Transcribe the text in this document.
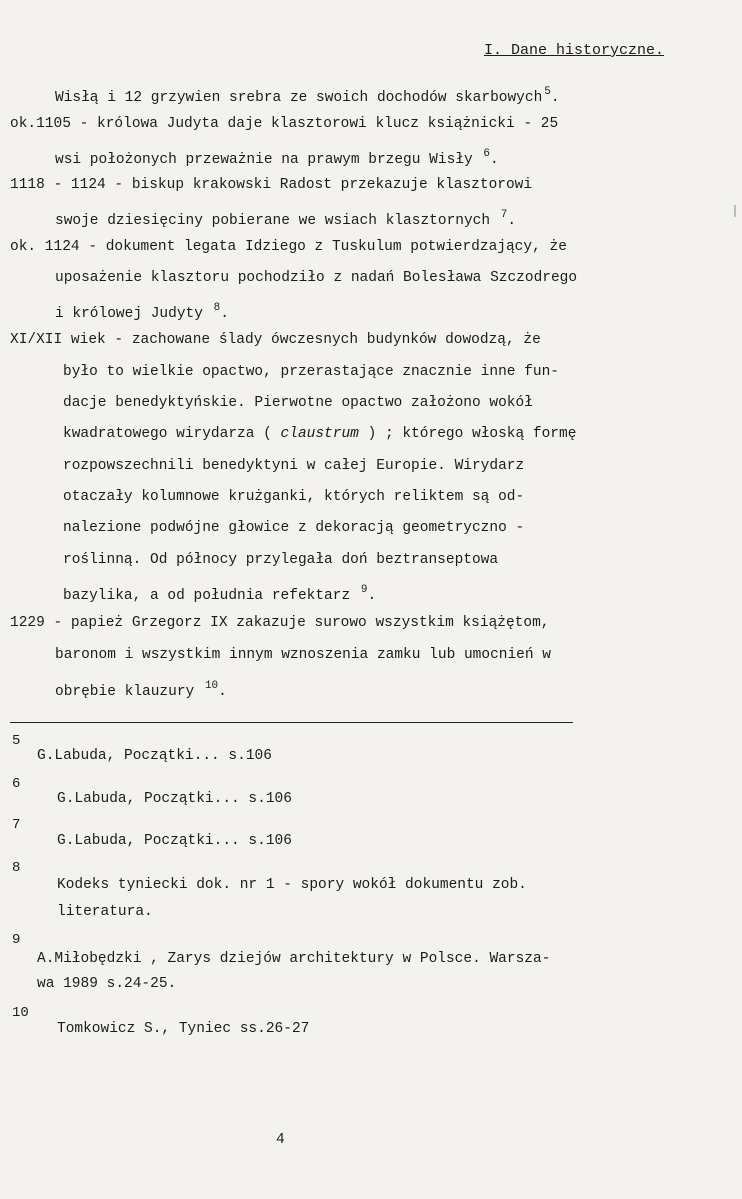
I. Dane historyczne.
Wisłą i 12 grzywien srebra ze swoich dochodów skarbowych $^5$.
ok.1105 - królowa Judyta daje klasztorowi klucz książnicki - 25
wsi położonych przeważnie na prawym brzegu Wisły $^6$.
1118 - 1124 - biskup krakowski Radost przekazuje klasztorowi
swoje dziesięciny pobierane we wsiach klasztornych $^7$.
ok. 1124 - dokument legata Idziego z Tuskulum potwierdzający, że
uposażenie klasztoru pochodziło z nadań Bolesława Szczodrego
i królowej Judyty $^8$.
XI/XII wiek - zachowane ślady ówczesnych budynków dowodzą, że
było to wielkie opactwo, przerastające znacznie inne fun-
dacje benedyktyńskie. Pierwotne opactwo założono wokół
kwadratowego wirydarza ( claustrum ) ; którego włoską formę
rozpowszechnili benedyktyni w całej Europie. Wirydarz
otaczały kolumnowe krużganki, których reliktem są od-
nalezione podwójne głowice z dekoracją geometryczno -
roślinną. Od północy przylegała doń beztranseptowa
bazylika, a od południa refektarz $^9$.
1229 - papież Grzegorz IX zakazuje surowo wszystkim książętom,
baronom i wszystkim innym wznoszenia zamku lub umocnień w
obrębie klauzury $^{10}$.
5
G.Labuda, Początki... s.106
6
G.Labuda, Początki... s.106
7
G.Labuda, Początki... s.106
8
Kodeks tyniecki dok. nr 1 - spory wokół dokumentu zob.
literatura.
9
A.Miłobędzki , Zarys dziejów architektury w Polsce. Warsza-
wa 1989 s.24-25.
10
Tomkowicz S., Tyniec ss.26-27
4
